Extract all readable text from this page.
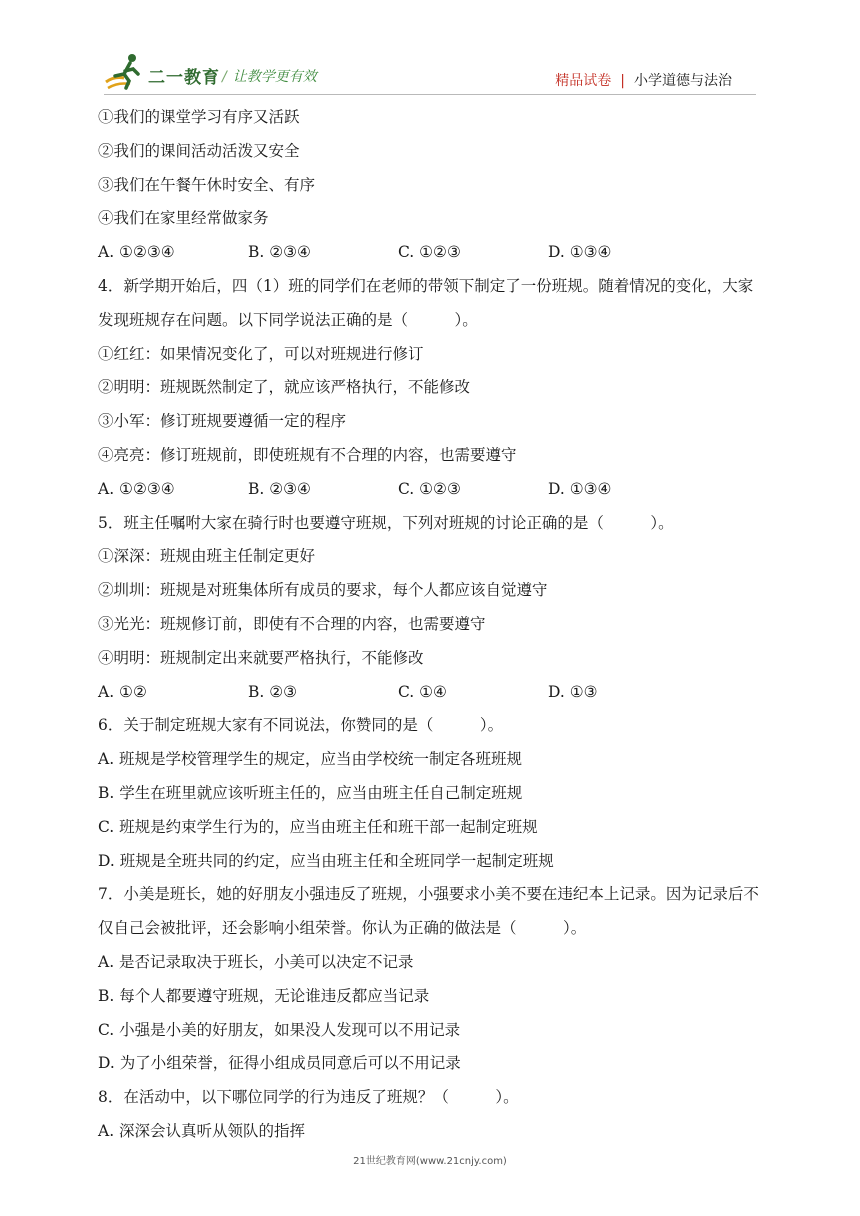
二一教育 / 让教学更有效	精品试卷 | 小学道德与法治
①我们的课堂学习有序又活跃
②我们的课间活动活泼又安全
③我们在午餐午休时安全、有序
④我们在家里经常做家务
A. ①②③④	B. ②③④	C. ①②③	D. ①③④
4．新学期开始后，四（1）班的同学们在老师的带领下制定了一份班规。随着情况的变化，大家发现班规存在问题。以下同学说法正确的是（　　　）。
①红红：如果情况变化了，可以对班规进行修订
②明明：班规既然制定了，就应该严格执行，不能修改
③小军：修订班规要遵循一定的程序
④亮亮：修订班规前，即使班规有不合理的内容，也需要遵守
A. ①②③④	B. ②③④	C. ①②③	D. ①③④
5．班主任嘱咐大家在骑行时也要遵守班规，下列对班规的讨论正确的是（　　　）。
①深深：班规由班主任制定更好
②圳圳：班规是对班集体所有成员的要求，每个人都应该自觉遵守
③光光：班规修订前，即使有不合理的内容，也需要遵守
④明明：班规制定出来就要严格执行，不能修改
A. ①②	B. ②③	C. ①④	D. ①③
6．关于制定班规大家有不同说法，你赞同的是（　　　）。
A. 班规是学校管理学生的规定，应当由学校统一制定各班班规
B. 学生在班里就应该听班主任的，应当由班主任自己制定班规
C. 班规是约束学生行为的，应当由班主任和班干部一起制定班规
D. 班规是全班共同的约定，应当由班主任和全班同学一起制定班规
7．小美是班长，她的好朋友小强违反了班规，小强要求小美不要在违纪本上记录。因为记录后不仅自己会被批评，还会影响小组荣誉。你认为正确的做法是（　　　）。
A. 是否记录取决于班长，小美可以决定不记录
B. 每个人都要遵守班规，无论谁违反都应当记录
C. 小强是小美的好朋友，如果没人发现可以不用记录
D. 为了小组荣誉，征得小组成员同意后可以不用记录
8．在活动中，以下哪位同学的行为违反了班规？（　　　）。
A. 深深会认真听从领队的指挥
21世纪教育网(www.21cnjy.com)
